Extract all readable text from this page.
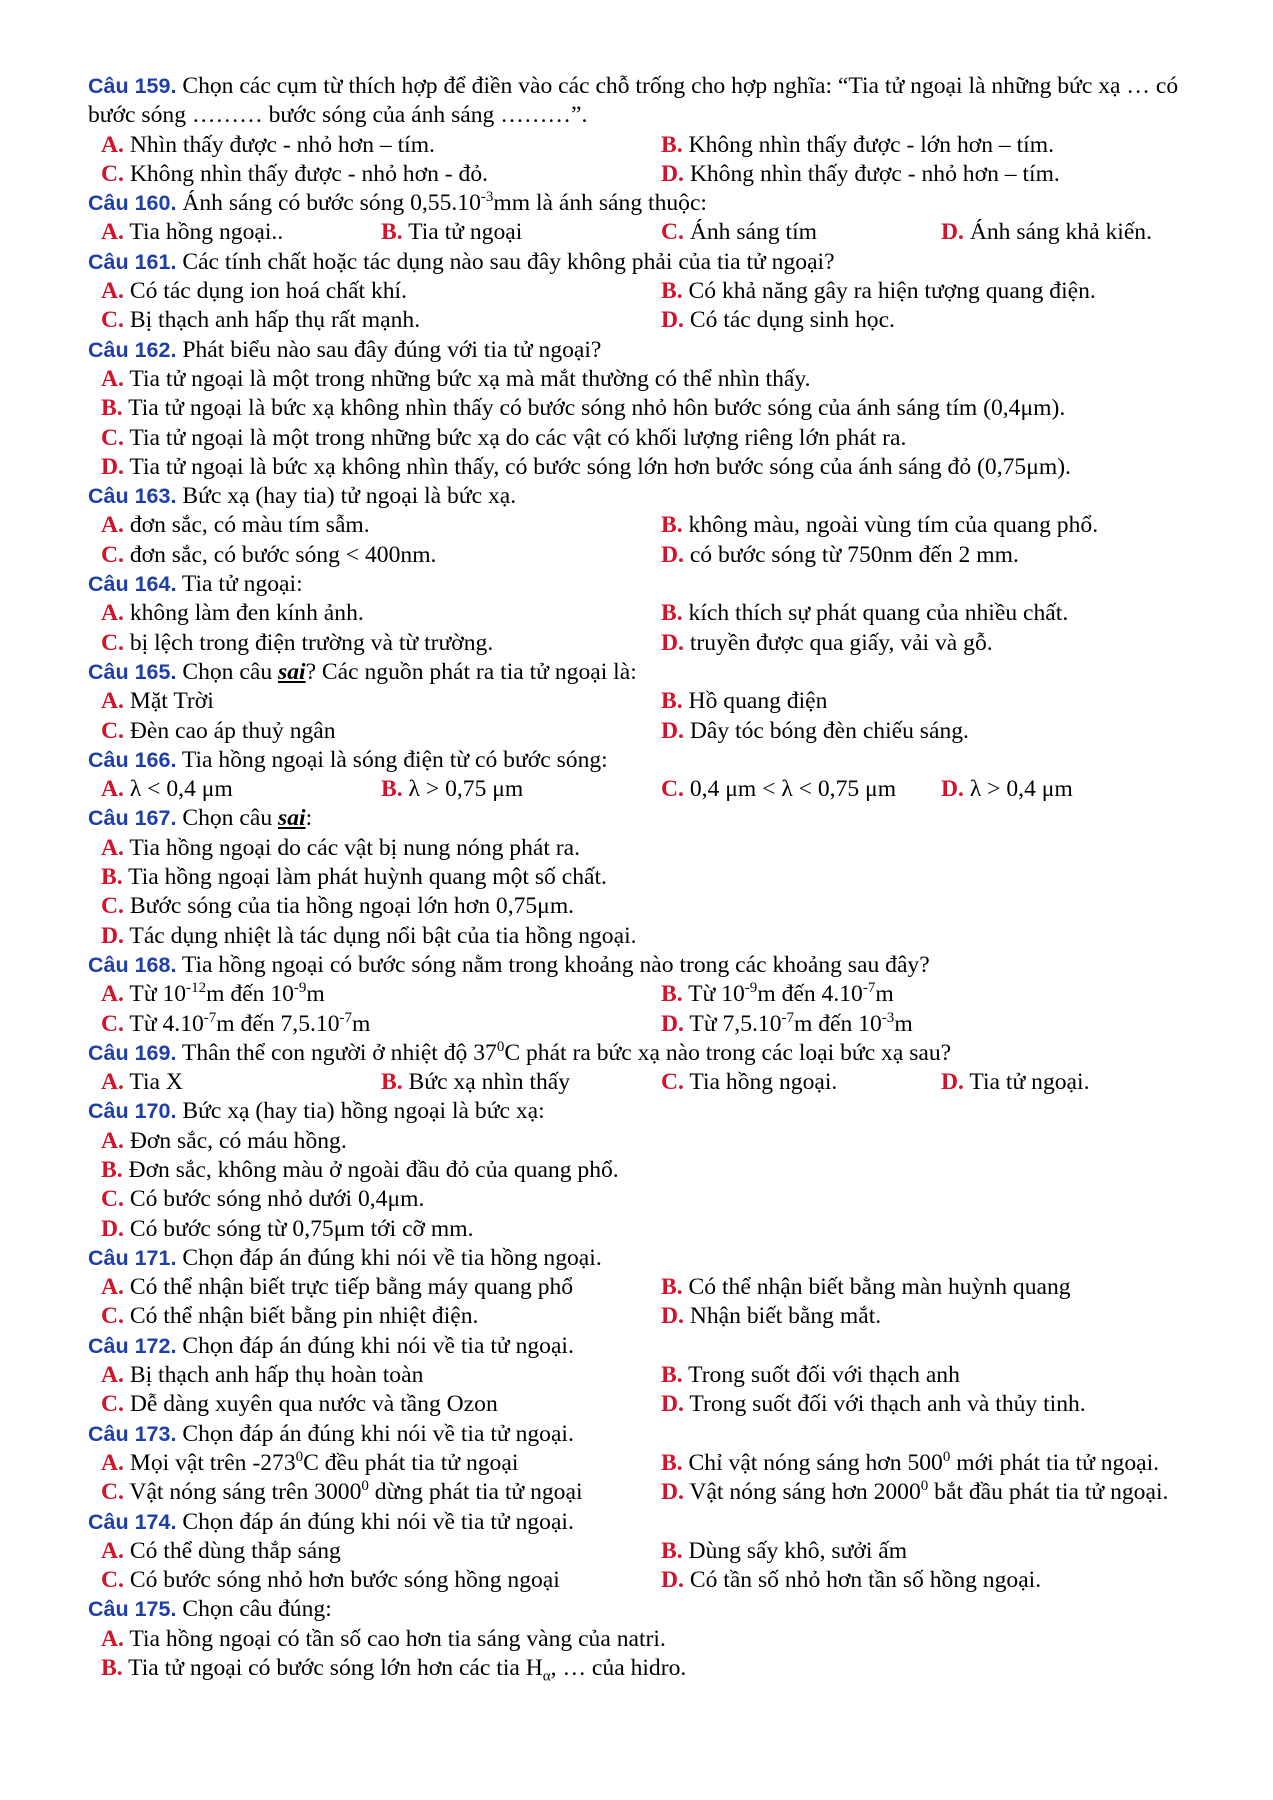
Câu 159. Chọn các cụm từ thích hợp để điền vào các chỗ trống cho hợp nghĩa: “Tia tử ngoại là những bức xạ … có bước sóng ……… bước sóng của ánh sáng ………”.
A. Nhìn thấy được - nhỏ hơn – tím.	B. Không nhìn thấy được - lớn hơn – tím.
C. Không nhìn thấy được - nhỏ hơn - đỏ.	D. Không nhìn thấy được - nhỏ hơn – tím.
Câu 160. Ánh sáng có bước sóng $0,55.10^{-3}mm$ là ánh sáng thuộc:
A. Tia hồng ngoại..	B. Tia tử ngoại	C. Ánh sáng tím	D. Ánh sáng khả kiến.
Câu 161. Các tính chất hoặc tác dụng nào sau đây không phải của tia tử ngoại?
A. Có tác dụng ion hoá chất khí.	B. Có khả năng gây ra hiện tượng quang điện.
C. Bị thạch anh hấp thụ rất mạnh.	D. Có tác dụng sinh học.
Câu 162. Phát biểu nào sau đây đúng với tia tử ngoại?
A. Tia tử ngoại là một trong những bức xạ mà mắt thường có thể nhìn thấy.
B. Tia tử ngoại là bức xạ không nhìn thấy có bước sóng nhỏ hôn bước sóng của ánh sáng tím (0,4μm).
C. Tia tử ngoại là một trong những bức xạ do các vật có khối lượng riêng lớn phát ra.
D. Tia tử ngoại là bức xạ không nhìn thấy, có bước sóng lớn hơn bước sóng của ánh sáng đỏ (0,75μm).
Câu 163. Bức xạ (hay tia) tử ngoại là bức xạ.
A. đơn sắc, có màu tím sẫm.	B. không màu, ngoài vùng tím của quang phổ.
C. đơn sắc, có bước sóng < 400nm.	D. có bước sóng từ 750nm đến 2 mm.
Câu 164. Tia tử ngoại:
A. không làm đen kính ảnh.	B. kích thích sự phát quang của nhiều chất.
C. bị lệch trong điện trường và từ trường.	D. truyền được qua giấy, vải và gỗ.
Câu 165. Chọn câu sai? Các nguồn phát ra tia tử ngoại là:
A. Mặt Trời	B. Hồ quang điện
C. Đèn cao áp thuỷ ngân	D. Dây tóc bóng đèn chiếu sáng.
Câu 166. Tia hồng ngoại là sóng điện từ có bước sóng:
A. λ < 0,4 μm	B. λ > 0,75 μm	C. 0,4 μm < λ < 0,75 μm	D. λ > 0,4 μm
Câu 167. Chọn câu sai:
A. Tia hồng ngoại do các vật bị nung nóng phát ra.
B. Tia hồng ngoại làm phát huỳnh quang một số chất.
C. Bước sóng của tia hồng ngoại lớn hơn 0,75μm.
D. Tác dụng nhiệt là tác dụng nổi bật của tia hồng ngoại.
Câu 168. Tia hồng ngoại có bước sóng nằm trong khoảng nào trong các khoảng sau đây?
A. Từ $10^{-12}m$ đến $10^{-9}m$	B. Từ $10^{-9}m$ đến $4.10^{-7}m$
C. Từ $4.10^{-7}m$ đến $7,5.10^{-7}m$	D. Từ $7,5.10^{-7}m$ đến $10^{-3}m$
Câu 169. Thân thể con người ở nhiệt độ $37^0C$ phát ra bức xạ nào trong các loại bức xạ sau?
A. Tia X	B. Bức xạ nhìn thấy	C. Tia hồng ngoại.	D. Tia tử ngoại.
Câu 170. Bức xạ (hay tia) hồng ngoại là bức xạ:
A. Đơn sắc, có máu hồng.
B. Đơn sắc, không màu ở ngoài đầu đỏ của quang phổ.
C. Có bước sóng nhỏ dưới 0,4μm.
D. Có bước sóng từ 0,75μm tới cỡ mm.
Câu 171. Chọn đáp án đúng khi nói về tia hồng ngoại.
A. Có thể nhận biết trực tiếp bằng máy quang phổ	B. Có thể nhận biết bằng màn huỳnh quang
C. Có thể nhận biết bằng pin nhiệt điện.	D. Nhận biết bằng mắt.
Câu 172. Chọn đáp án đúng khi nói về tia tử ngoại.
A. Bị thạch anh hấp thụ hoàn toàn	B. Trong suốt đối với thạch anh
C. Dễ dàng xuyên qua nước và tầng Ozon	D. Trong suốt đối với thạch anh và thủy tinh.
Câu 173. Chọn đáp án đúng khi nói về tia tử ngoại.
A. Mọi vật trên $-273^0C$ đều phát tia tử ngoại	B. Chỉ vật nóng sáng hơn $500^0$ mới phát tia tử ngoại.
C. Vật nóng sáng trên 3000$^0$ dừng phát tia tử ngoại	D. Vật nóng sáng hơn 2000$^0$ bắt đầu phát tia tử ngoại.
Câu 174. Chọn đáp án đúng khi nói về tia tử ngoại.
A. Có thể dùng thắp sáng	B. Dùng sấy khô, sưởi ấm
C. Có bước sóng nhỏ hơn bước sóng hồng ngoại	D. Có tần số nhỏ hơn tần số hồng ngoại.
Câu 175. Chọn câu đúng:
A. Tia hồng ngoại có tần số cao hơn tia sáng vàng của natri.
B. Tia tử ngoại có bước sóng lớn hơn các tia $H_\alpha$, … của hidro.
